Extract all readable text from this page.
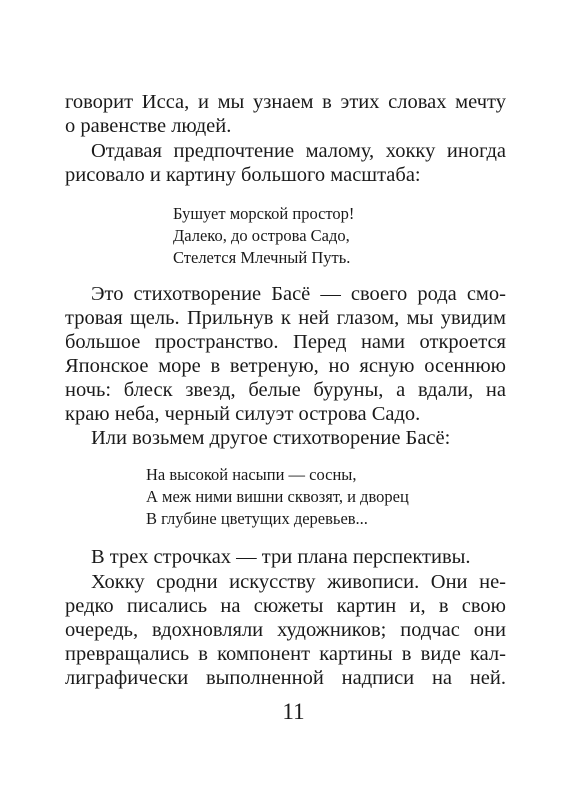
говорит Исса, и мы узнаем в этих словах мечту
о равенстве людей.
Отдавая предпочтение малому, хокку иногда
рисовало и картину большого масштаба:
Бушует морской простор!
Далеко, до острова Садо,
Стелется Млечный Путь.
Это стихотворение Басё — своего рода смо-
тровая щель. Прильнув к ней глазом, мы увидим
большое пространство. Перед нами откроется
Японское море в ветреную, но ясную осеннюю
ночь: блеск звезд, белые буруны, а вдали, на
краю неба, черный силуэт острова Садо.
Или возьмем другое стихотворение Басё:
На высокой насыпи — сосны,
А меж ними вишни сквозят, и дворец
В глубине цветущих деревьев...
В трех строчках — три плана перспективы.
Хокку сродни искусству живописи. Они не-
редко писались на сюжеты картин и, в свою
очередь, вдохновляли художников; подчас они
превращались в компонент картины в виде кал-
лиграфически выполненной надписи на ней.
11
